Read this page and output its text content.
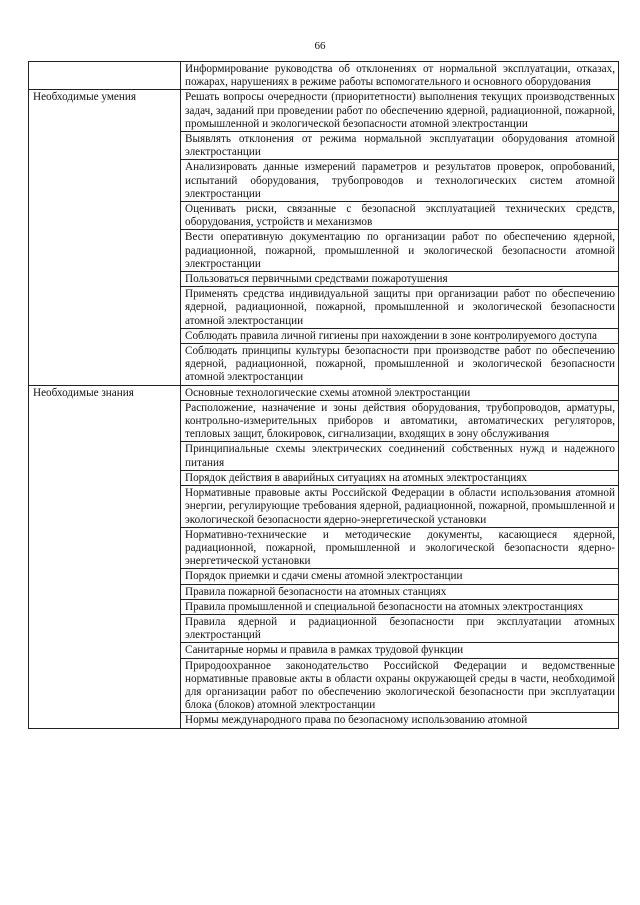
66
	Информирование руководства об отклонениях от нормальной эксплуатации, отказах, пожарах, нарушениях в режиме работы вспомогательного и основного оборудования
Необходимые умения	Решать вопросы очередности (приоритетности) выполнения текущих производственных задач, заданий при проведении работ по обеспечению ядерной, радиационной, пожарной, промышленной и экологической безопасности атомной электростанции
	Выявлять отклонения от режима нормальной эксплуатации оборудования атомной электростанции
	Анализировать данные измерений параметров и результатов проверок, опробований, испытаний оборудования, трубопроводов и технологических систем атомной электростанции
	Оценивать риски, связанные с безопасной эксплуатацией технических средств, оборудования, устройств и механизмов
	Вести оперативную документацию по организации работ по обеспечению ядерной, радиационной, пожарной, промышленной и экологической безопасности атомной электростанции
	Пользоваться первичными средствами пожаротушения
	Применять средства индивидуальной защиты при организации работ по обеспечению ядерной, радиационной, пожарной, промышленной и экологической безопасности атомной электростанции
	Соблюдать правила личной гигиены при нахождении в зоне контролируемого доступа
	Соблюдать принципы культуры безопасности при производстве работ по обеспечению ядерной, радиационной, пожарной, промышленной и экологической безопасности атомной электростанции
Необходимые знания	Основные технологические схемы атомной электростанции
	Расположение, назначение и зоны действия оборудования, трубопроводов, арматуры, контрольно-измерительных приборов и автоматики, автоматических регуляторов, тепловых защит, блокировок, сигнализации, входящих в зону обслуживания
	Принципиальные схемы электрических соединений собственных нужд и надежного питания
	Порядок действия в аварийных ситуациях на атомных электростанциях
	Нормативные правовые акты Российской Федерации в области использования атомной энергии, регулирующие требования ядерной, радиационной, пожарной, промышленной и экологической безопасности ядерно-энергетической установки
	Нормативно-технические и методические документы, касающиеся ядерной, радиационной, пожарной, промышленной и экологической безопасности ядерно-энергетической установки
	Порядок приемки и сдачи смены атомной электростанции
	Правила пожарной безопасности на атомных станциях
	Правила промышленной и специальной безопасности на атомных электростанциях
	Правила ядерной и радиационной безопасности при эксплуатации атомных электростанций
	Санитарные нормы и правила в рамках трудовой функции
	Природоохранное законодательство Российской Федерации и ведомственные нормативные правовые акты в области охраны окружающей среды в части, необходимой для организации работ по обеспечению экологической безопасности при эксплуатации блока (блоков) атомной электростанции
	Нормы международного права по безопасному использованию атомной
